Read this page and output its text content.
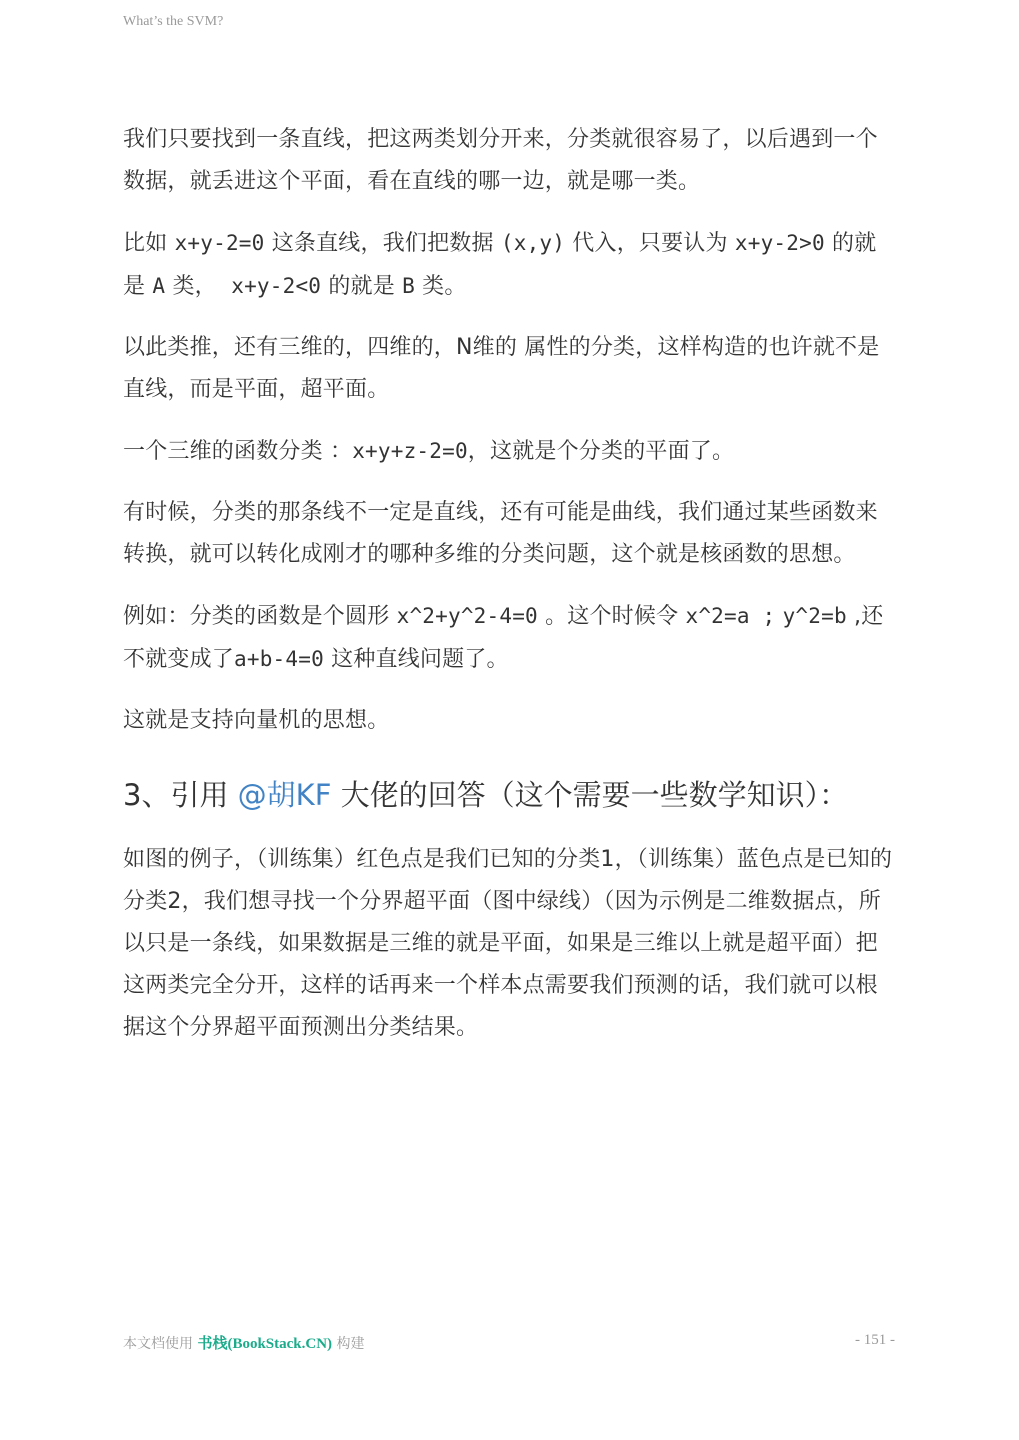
What’s the SVM?

我们只要找到一条直线，把这两类划分开来，分类就很容易了，以后遇到一个数据，就丢进这个平面，看在直线的哪一边，就是哪一类。

比如 x+y-2=0 这条直线，我们把数据 (x,y) 代入，只要认为 x+y-2>0 的就是 A 类，  x+y-2<0 的就是 B 类。

以此类推，还有三维的，四维的，N维的 属性的分类，这样构造的也许就不是直线，而是平面，超平面。

一个三维的函数分类 ：x+y+z-2=0，这就是个分类的平面了。

有时候，分类的那条线不一定是直线，还有可能是曲线，我们通过某些函数来转换，就可以转化成刚才的哪种多维的分类问题，这个就是核函数的思想。

例如：分类的函数是个圆形 x^2+y^2-4=0 。这个时候令 x^2=a ; y^2=b ,还不就变成了a+b-4=0 这种直线问题了。

这就是支持向量机的思想。

3、引用 @胡KF 大佬的回答（这个需要一些数学知识）：

如图的例子，（训练集）红色点是我们已知的分类1，（训练集）蓝色点是已知的分类2，我们想寻找一个分界超平面（图中绿线）（因为示例是二维数据点，所以只是一条线，如果数据是三维的就是平面，如果是三维以上就是超平面）把这两类完全分开，这样的话再来一个样本点需要我们预测的话，我们就可以根据这个分界超平面预测出分类结果。

本文档使用 书栈(BookStack.CN) 构建	- 151 -
